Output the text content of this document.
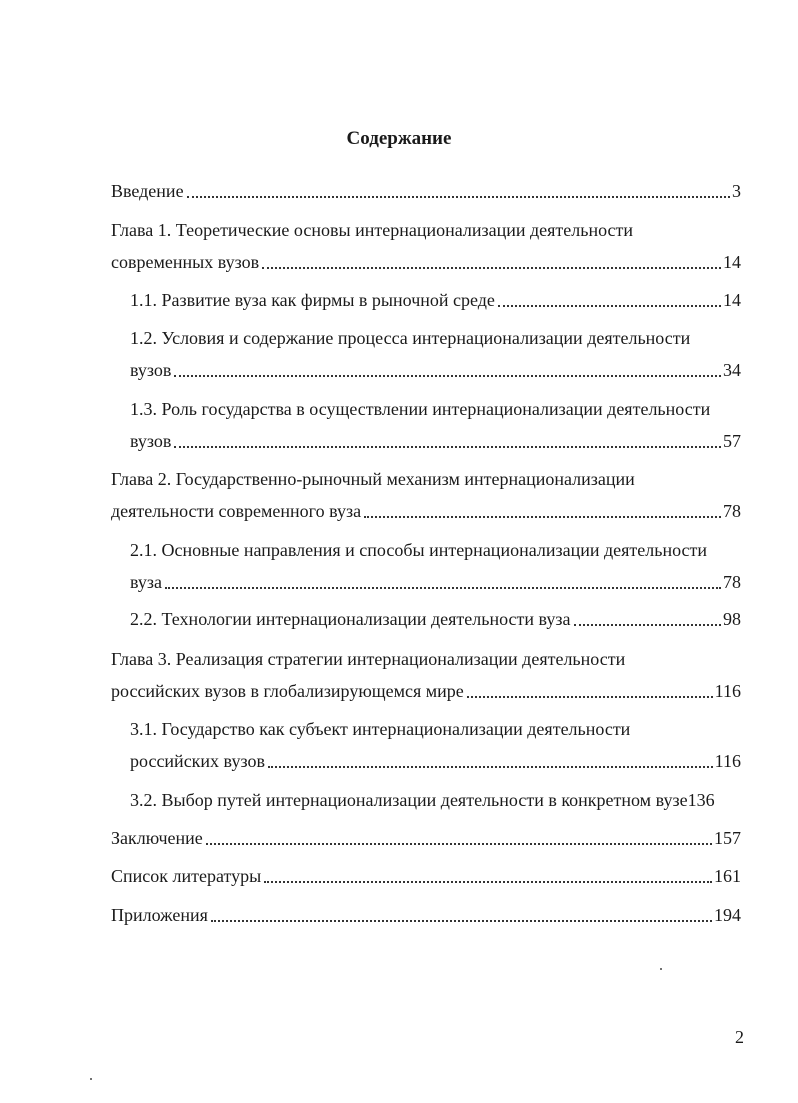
Содержание
Введение	3
Глава 1. Теоретические основы интернационализации деятельности
современных вузов	14
1.1. Развитие вуза как фирмы в рыночной среде	14
1.2. Условия и содержание процесса интернационализации деятельности
вузов	34
1.3. Роль государства в осуществлении интернационализации деятельности
вузов	57
Глава 2. Государственно-рыночный механизм интернационализации
деятельности современного вуза	78
2.1. Основные направления и способы интернационализации деятельности
вуза	78
2.2. Технологии интернационализации деятельности вуза	98
Глава 3. Реализация стратегии интернационализации деятельности
российских вузов в глобализирующемся мире	116
3.1. Государство как субъект интернационализации деятельности
российских вузов	116
3.2. Выбор путей интернационализации деятельности в конкретном вузе 136
Заключение	157
Список литературы	161
Приложения	194
2
